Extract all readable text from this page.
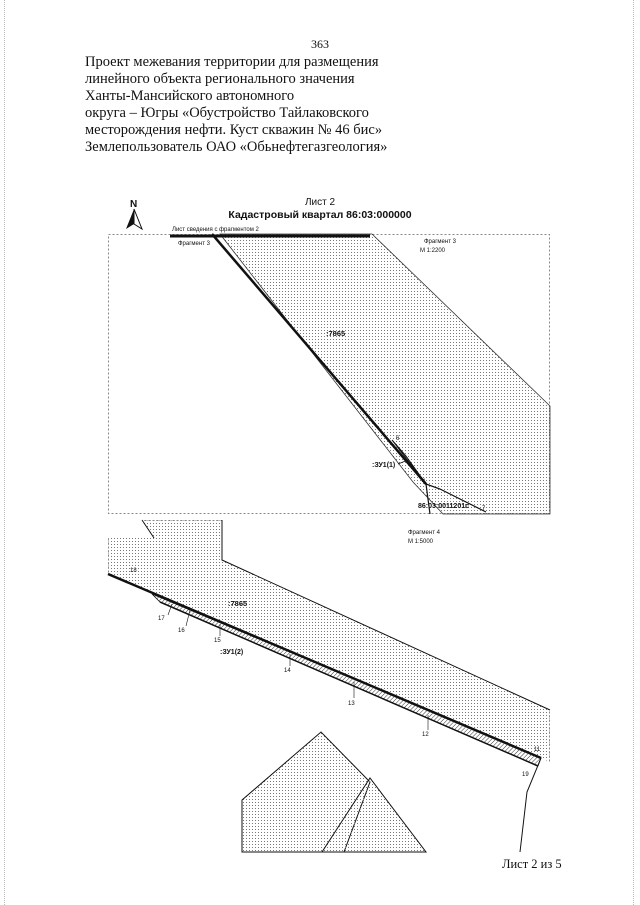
363
Проект межевания территории для размещения
линейного объекта регионального значения
Ханты-Мансийского автономного
округа – Югры «Обустройство Тайлаковского
месторождения нефти. Куст скважин № 46 бис»
Землепользователь ОАО «Обьнефтегазгеология»
Лист 2
Кадастровый квартал 86:03:000000
N
Лист сведения с фрагментом 2
Фрагмент 3	Фрагмент 3
М 1:2200
:7865
:ЗУ1(1)
6
4
7
86:03:0011201с
Фрагмент 4
М 1:5000
:7865
:ЗУ1(2)
18
17
16
15
14
13
12
11
19
Лист 2 из 5
